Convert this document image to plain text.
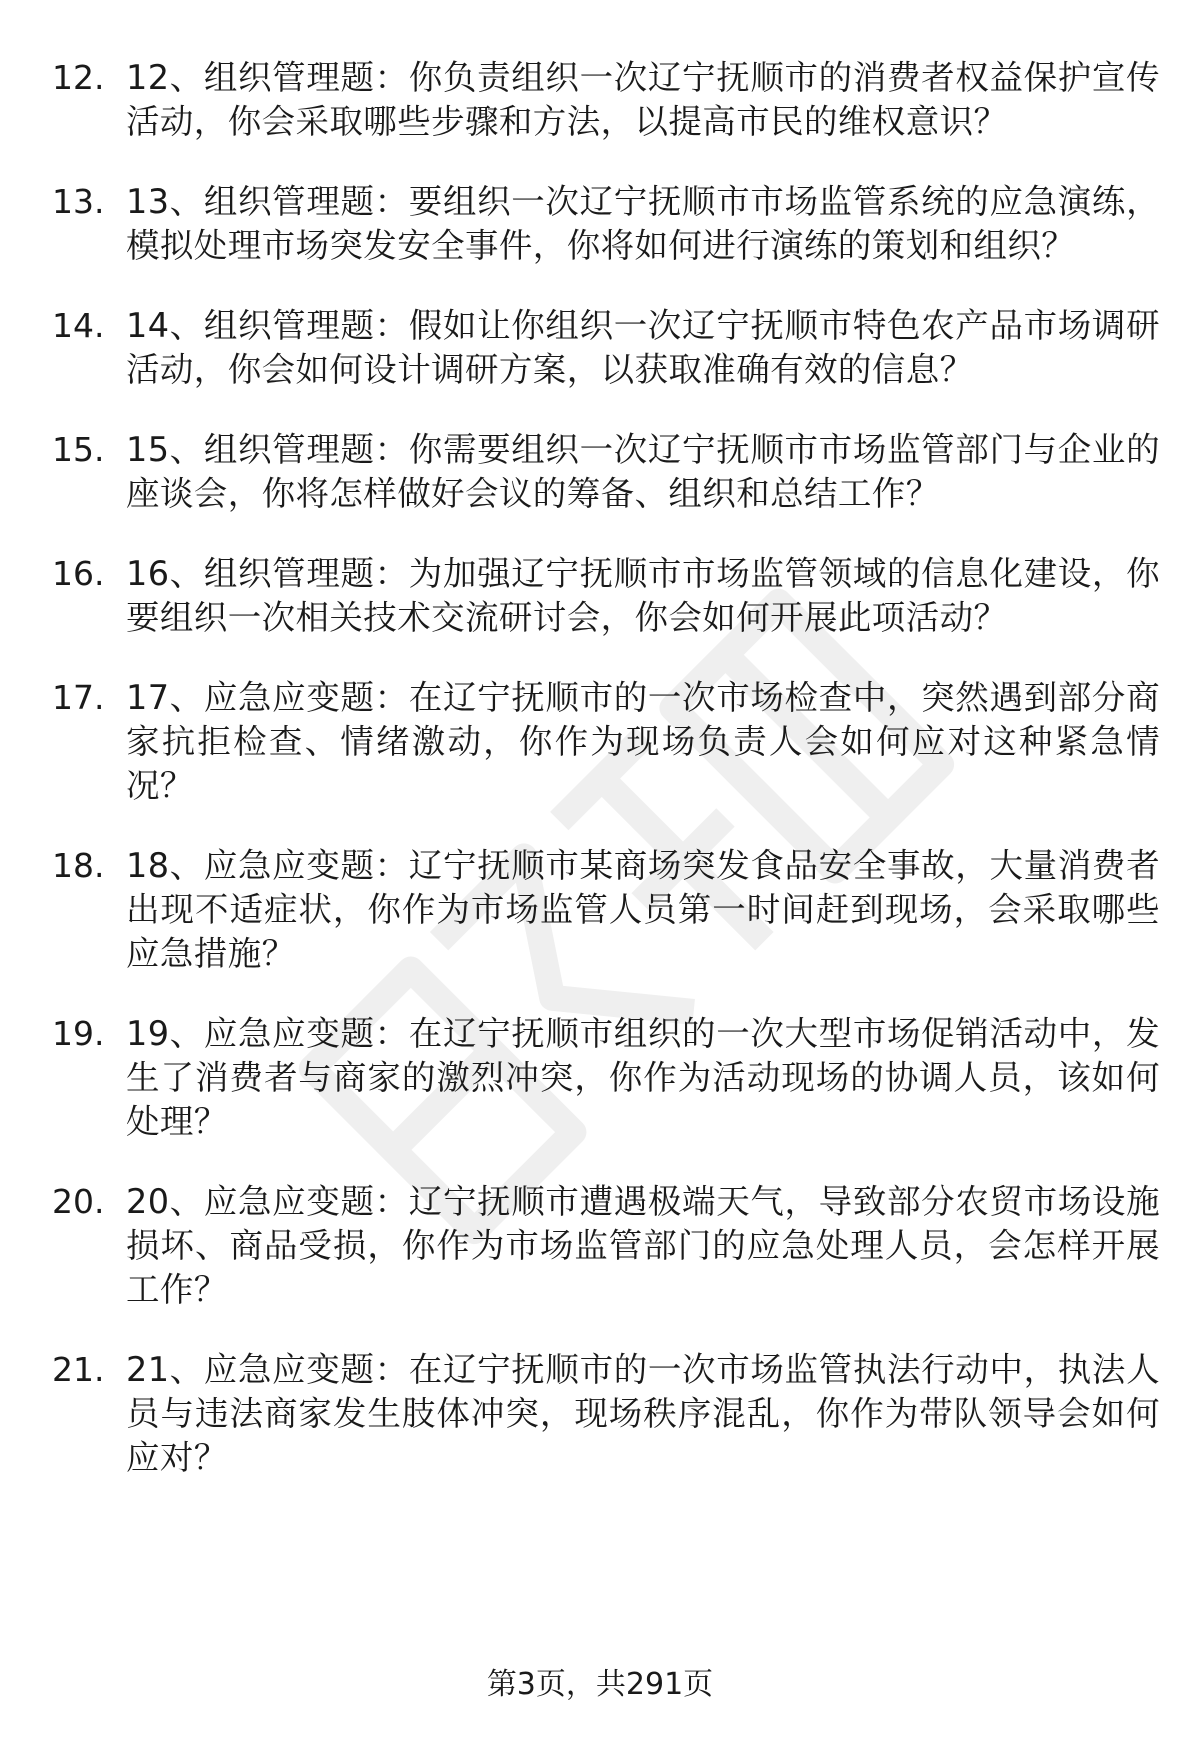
12. 12、组织管理题：你负责组织一次辽宁抚顺市的消费者权益保护宣传活动，你会采取哪些步骤和方法，以提高市民的维权意识？
13. 13、组织管理题：要组织一次辽宁抚顺市市场监管系统的应急演练，模拟处理市场突发安全事件，你将如何进行演练的策划和组织？
14. 14、组织管理题：假如让你组织一次辽宁抚顺市特色农产品市场调研活动，你会如何设计调研方案，以获取准确有效的信息？
15. 15、组织管理题：你需要组织一次辽宁抚顺市市场监管部门与企业的座谈会，你将怎样做好会议的筹备、组织和总结工作？
16. 16、组织管理题：为加强辽宁抚顺市市场监管领域的信息化建设，你要组织一次相关技术交流研讨会，你会如何开展此项活动？
17. 17、应急应变题：在辽宁抚顺市的一次市场检查中，突然遇到部分商家抗拒检查、情绪激动，你作为现场负责人会如何应对这种紧急情况？
18. 18、应急应变题：辽宁抚顺市某商场突发食品安全事故，大量消费者出现不适症状，你作为市场监管人员第一时间赶到现场，会采取哪些应急措施？
19. 19、应急应变题：在辽宁抚顺市组织的一次大型市场促销活动中，发生了消费者与商家的激烈冲突，你作为活动现场的协调人员，该如何处理？
20. 20、应急应变题：辽宁抚顺市遭遇极端天气，导致部分农贸市场设施损坏、商品受损，你作为市场监管部门的应急处理人员，会怎样开展工作？
21. 21、应急应变题：在辽宁抚顺市的一次市场监管执法行动中，执法人员与违法商家发生肢体冲突，现场秩序混乱，你作为带队领导会如何应对？
第3页，共291页
